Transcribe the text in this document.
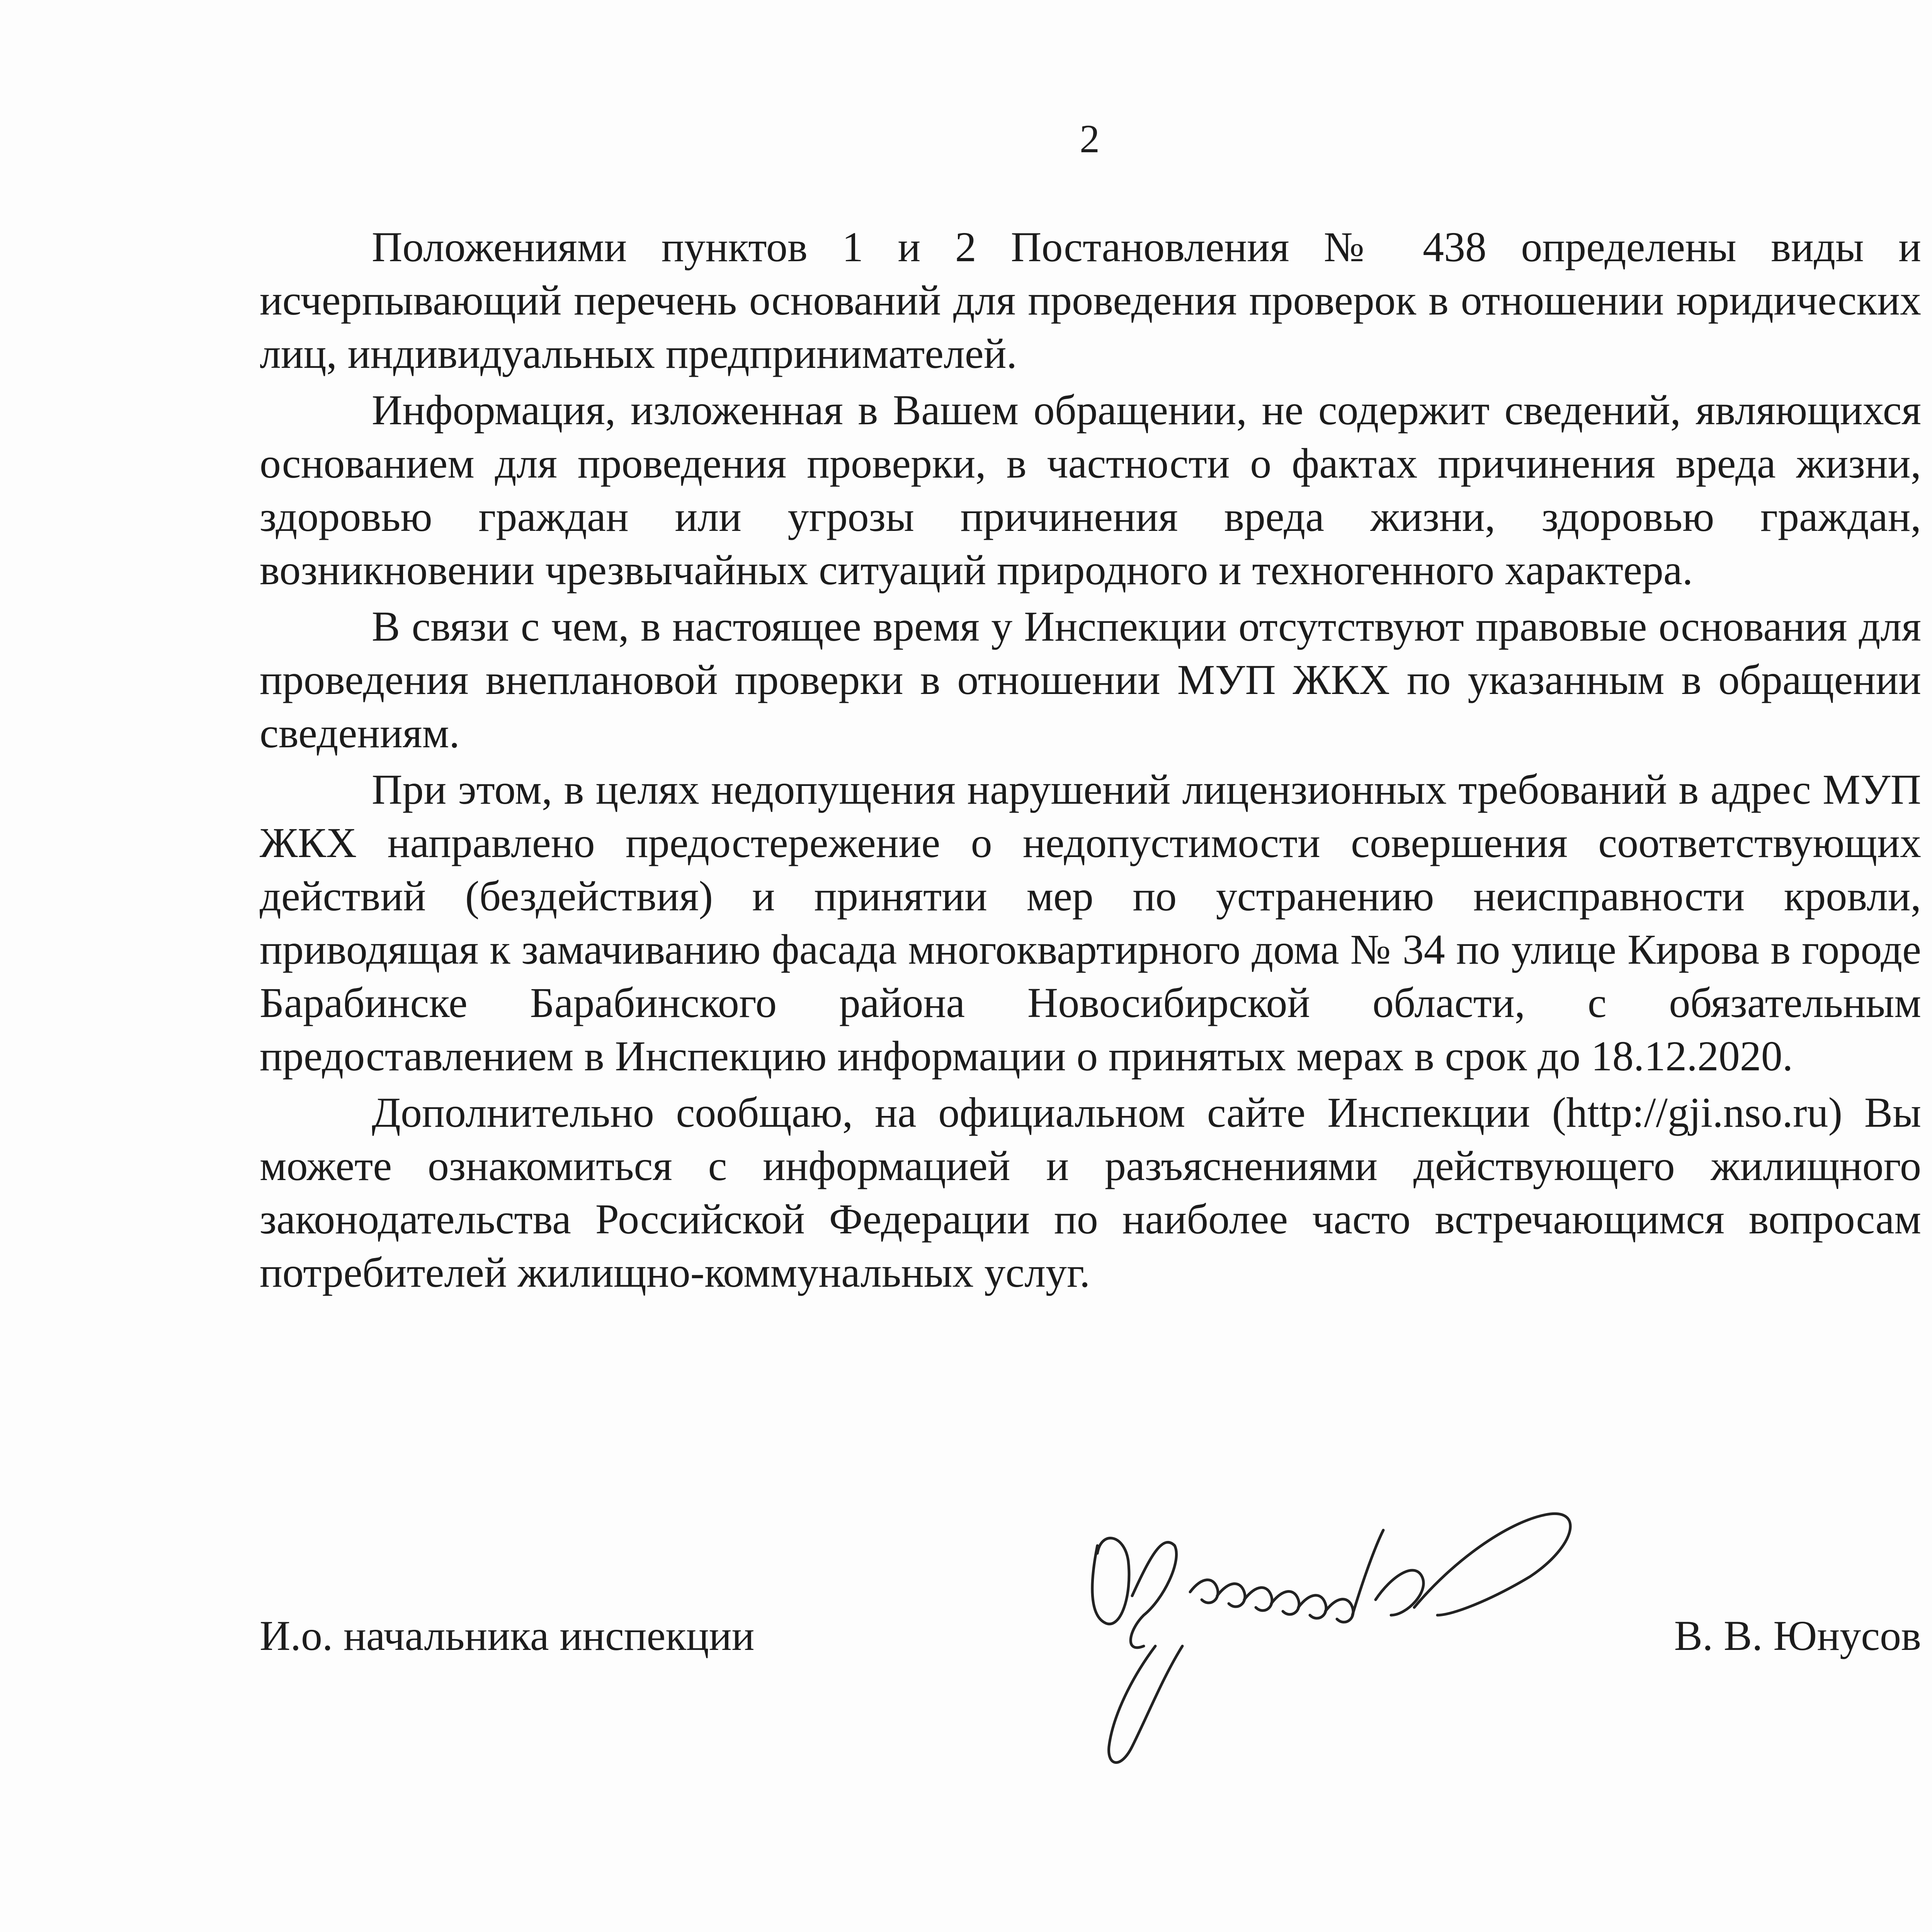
2

Положениями пунктов 1 и 2 Постановления № 438 определены виды и исчерпывающий перечень оснований для проведения проверок в отношении юридических лиц, индивидуальных предпринимателей.

Информация, изложенная в Вашем обращении, не содержит сведений, являющихся основанием для проведения проверки, в частности о фактах причинения вреда жизни, здоровью граждан или угрозы причинения вреда жизни, здоровью граждан, возникновении чрезвычайных ситуаций природного и техногенного характера.

В связи с чем, в настоящее время у Инспекции отсутствуют правовые основания для проведения внеплановой проверки в отношении МУП ЖКХ по указанным в обращении сведениям.

При этом, в целях недопущения нарушений лицензионных требований в адрес МУП ЖКХ направлено предостережение о недопустимости совершения соответствующих действий (бездействия) и принятии мер по устранению неисправности кровли, приводящая к замачиванию фасада многоквартирного дома № 34 по улице Кирова в городе Барабинске Барабинского района Новосибирской области, с обязательным предоставлением в Инспекцию информации о принятых мерах в срок до 18.12.2020.

Дополнительно сообщаю, на официальном сайте Инспекции (http://gji.nso.ru) Вы можете ознакомиться с информацией и разъяснениями действующего жилищного законодательства Российской Федерации по наиболее часто встречающимся вопросам потребителей жилищно-коммунальных услуг.

И.о. начальника инспекции	В. В. Юнусов
